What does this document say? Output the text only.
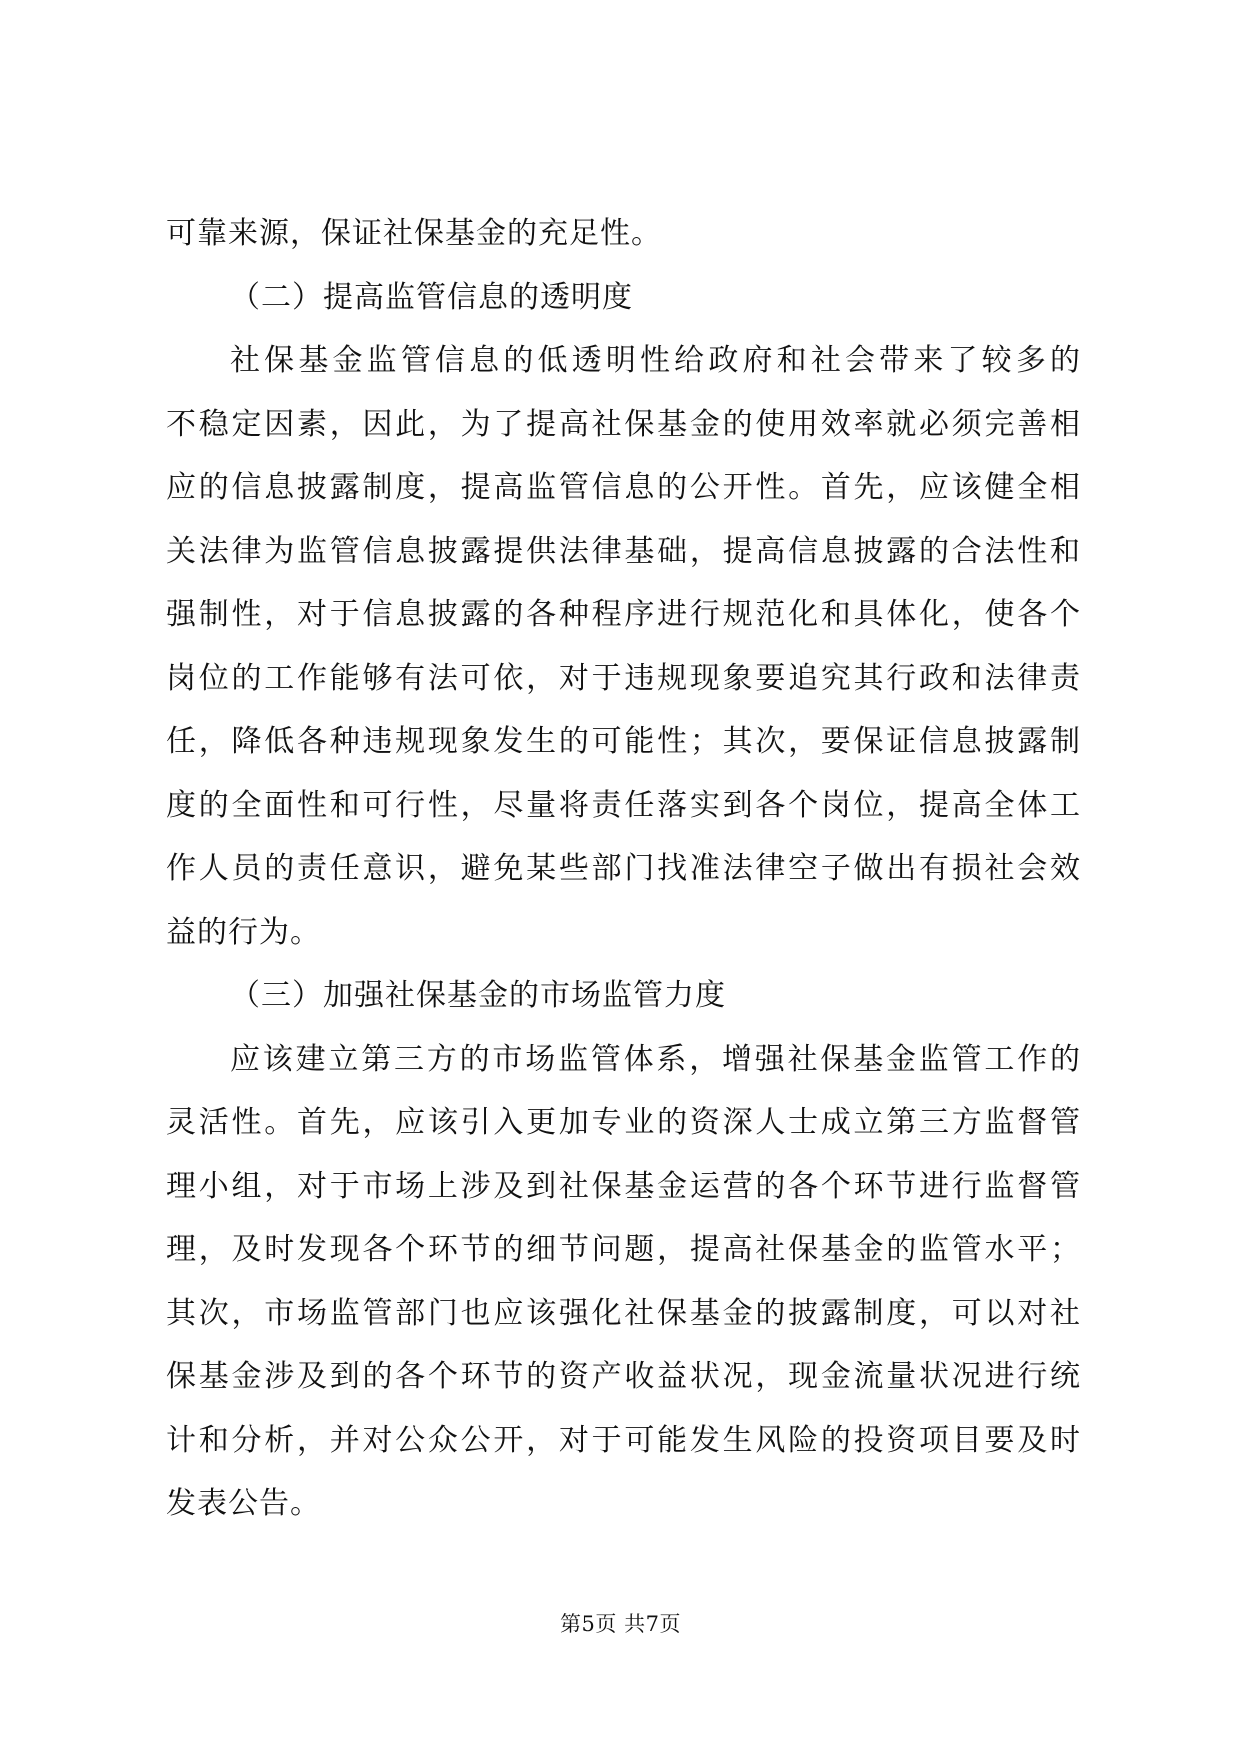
可靠来源，保证社保基金的充足性。
（二）提高监管信息的透明度
社保基金监管信息的低透明性给政府和社会带来了较多的
不稳定因素，因此，为了提高社保基金的使用效率就必须完善相
应的信息披露制度，提高监管信息的公开性。首先，应该健全相
关法律为监管信息披露提供法律基础，提高信息披露的合法性和
强制性，对于信息披露的各种程序进行规范化和具体化，使各个
岗位的工作能够有法可依，对于违规现象要追究其行政和法律责
任，降低各种违规现象发生的可能性；其次，要保证信息披露制
度的全面性和可行性，尽量将责任落实到各个岗位，提高全体工
作人员的责任意识，避免某些部门找准法律空子做出有损社会效
益的行为。
（三）加强社保基金的市场监管力度
应该建立第三方的市场监管体系，增强社保基金监管工作的
灵活性。首先，应该引入更加专业的资深人士成立第三方监督管
理小组，对于市场上涉及到社保基金运营的各个环节进行监督管
理，及时发现各个环节的细节问题，提高社保基金的监管水平；
其次，市场监管部门也应该强化社保基金的披露制度，可以对社
保基金涉及到的各个环节的资产收益状况，现金流量状况进行统
计和分析，并对公众公开，对于可能发生风险的投资项目要及时
发表公告。
第5页 共7页
